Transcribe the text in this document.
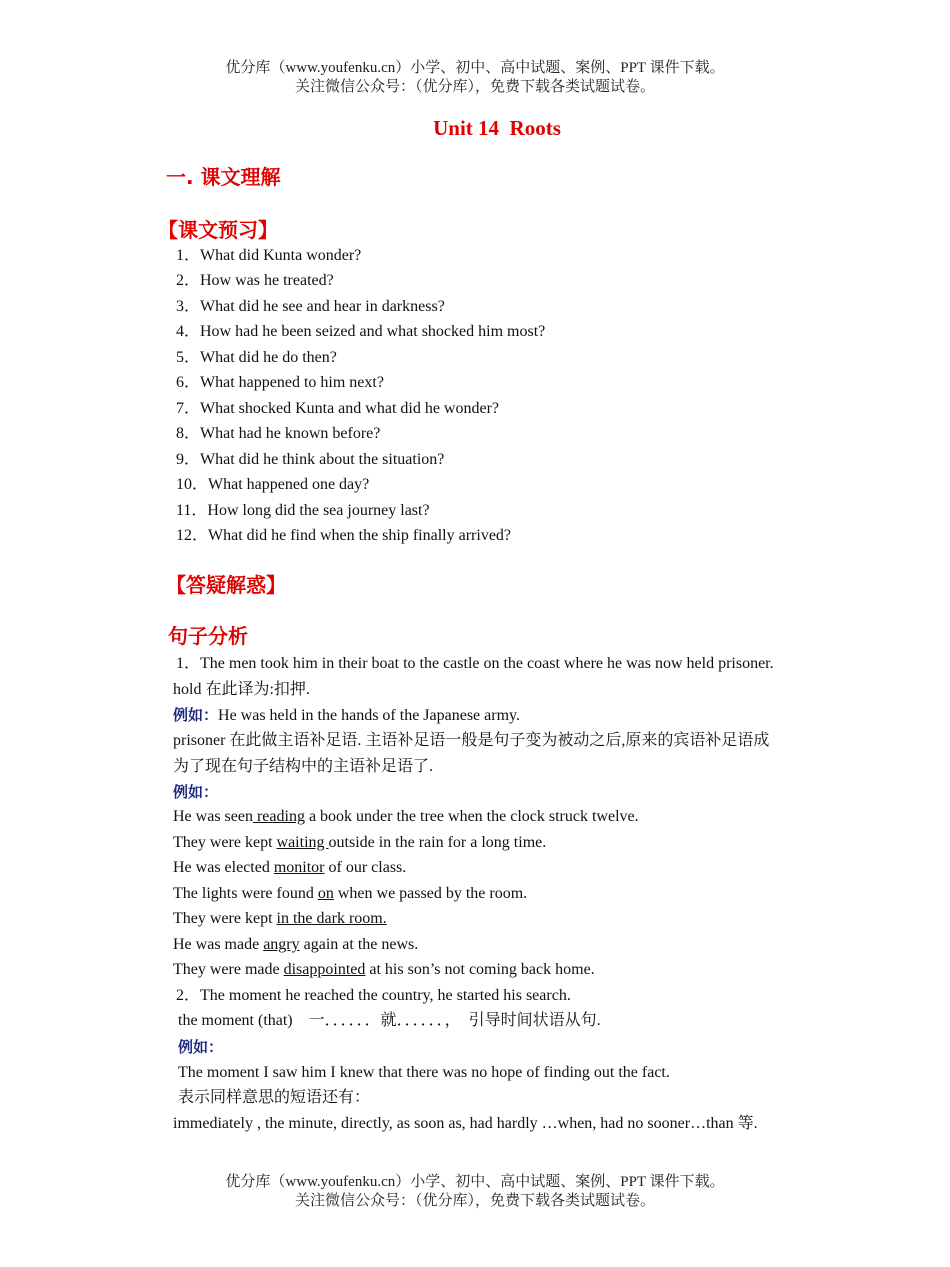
优分库（www.youfenku.cn）小学、初中、高中试题、案例、PPT 课件下载。
关注微信公众号：（优分库），免费下载各类试题试卷。
Unit 14  Roots
一. 课文理解
【课文预习】
1．What did Kunta wonder?
2．How was he treated?
3．What did he see and hear in darkness?
4．How had he been seized and what shocked him most?
5．What did he do then?
6．What happened to him next?
7．What shocked Kunta and what did he wonder?
8．What had he known before?
9．What did he think about the situation?
10．What happened one day?
11．How long did the sea journey last?
12．What did he find when the ship finally arrived?
【答疑解惑】
句子分析
1．The men took him in their boat to the castle on the coast where he was now held prisoner.
hold 在此译为:扣押.
例如：He was held in the hands of the Japanese army.
prisoner 在此做主语补足语. 主语补足语一般是句子变为被动之后,原来的宾语补足语成
为了现在句子结构中的主语补足语了.
例如：
He was seen reading a book under the tree when the clock struck twelve.
They were kept waiting outside in the rain for a long time.
He was elected monitor of our class.
The lights were found on when we passed by the room.
They were kept in the dark room.
He was made angry again at the news.
They were made disappointed at his son’s not coming back home.
2．The moment he reached the country, he started his search.
the moment (that)    一．．．．．．就．．．．．．，  引导时间状语从句.
例如：
The moment I saw him I knew that there was no hope of finding out the fact.
表示同样意思的短语还有：
immediately , the minute, directly, as soon as, had hardly …when, had no sooner…than 等.
优分库（www.youfenku.cn）小学、初中、高中试题、案例、PPT 课件下载。
关注微信公众号：（优分库），免费下载各类试题试卷。
